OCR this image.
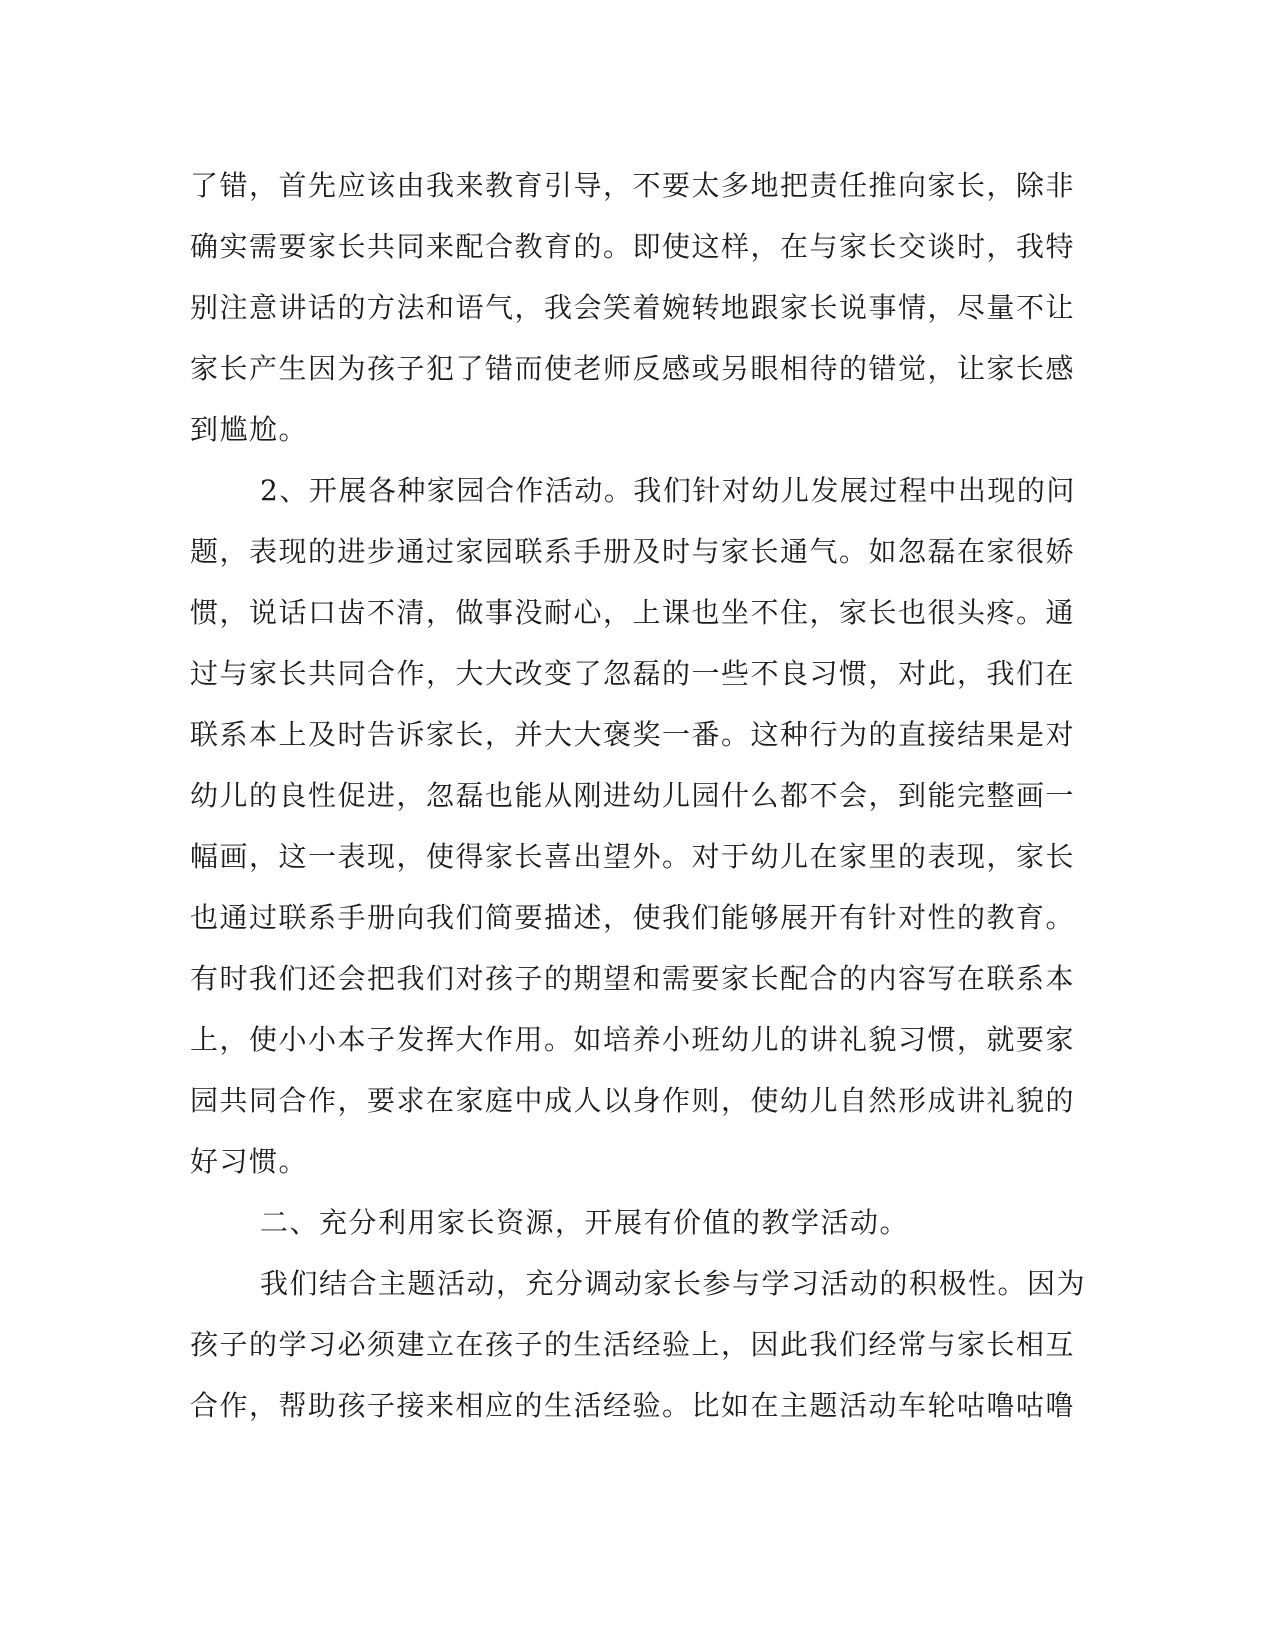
了错，首先应该由我来教育引导，不要太多地把责任推向家长，除非
确实需要家长共同来配合教育的。即使这样，在与家长交谈时，我特
别注意讲话的方法和语气，我会笑着婉转地跟家长说事情，尽量不让
家长产生因为孩子犯了错而使老师反感或另眼相待的错觉，让家长感
到尴尬。
2、开展各种家园合作活动。我们针对幼儿发展过程中出现的问
题，表现的进步通过家园联系手册及时与家长通气。如忽磊在家很娇
惯，说话口齿不清，做事没耐心，上课也坐不住，家长也很头疼。通
过与家长共同合作，大大改变了忽磊的一些不良习惯，对此，我们在
联系本上及时告诉家长，并大大褒奖一番。这种行为的直接结果是对
幼儿的良性促进，忽磊也能从刚进幼儿园什么都不会，到能完整画一
幅画，这一表现，使得家长喜出望外。对于幼儿在家里的表现，家长
也通过联系手册向我们简要描述，使我们能够展开有针对性的教育。
有时我们还会把我们对孩子的期望和需要家长配合的内容写在联系本
上，使小小本子发挥大作用。如培养小班幼儿的讲礼貌习惯，就要家
园共同合作，要求在家庭中成人以身作则，使幼儿自然形成讲礼貌的
好习惯。
二、充分利用家长资源，开展有价值的教学活动。
我们结合主题活动，充分调动家长参与学习活动的积极性。因为
孩子的学习必须建立在孩子的生活经验上，因此我们经常与家长相互
合作，帮助孩子接来相应的生活经验。比如在主题活动车轮咕噜咕噜
